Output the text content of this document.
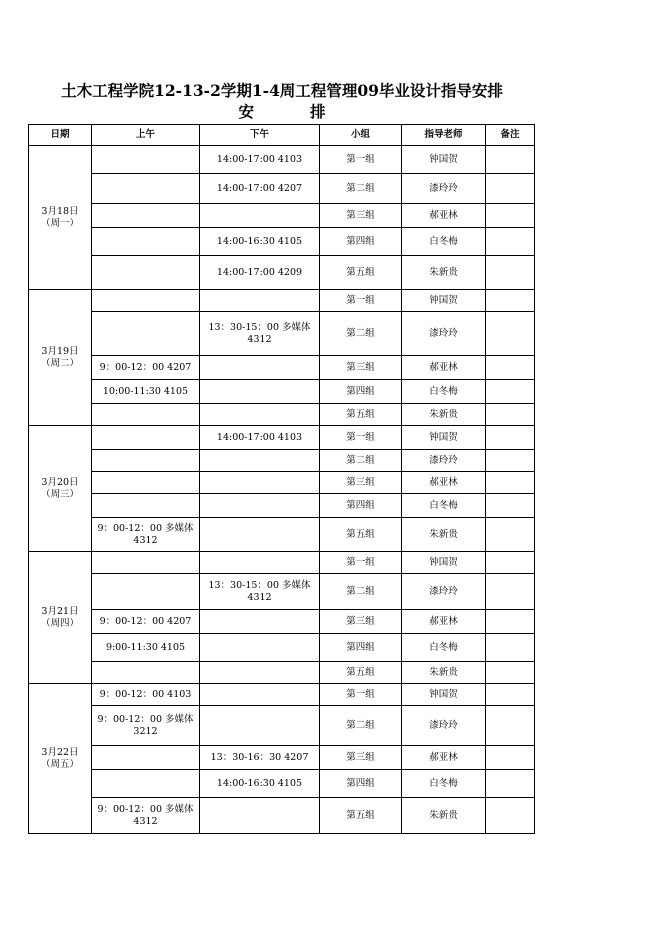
土木工程学院12-13-2学期1-4周工程管理09毕业设计指导安排
安排
日期	上午	下午	小组	指导老师	备注

3月18日
（周一）		14:00-17:00 4103	第一组	钟国贺	
		14:00-17:00 4207	第二组	漆玲玲	
			第三组	郝亚林	
		14:00-16:30 4105	第四组	白冬梅	
		14:00-17:00 4209	第五组	朱新贵	

3月19日
（周二）			第一组	钟国贺	
		13：30-15：00 多媒体4312	第二组	漆玲玲	
	9：00-12：00 4207		第三组	郝亚林	
	10:00-11:30 4105		第四组	白冬梅	
			第五组	朱新贵	

3月20日
（周三）		14:00-17:00 4103	第一组	钟国贺	
			第二组	漆玲玲	
			第三组	郝亚林	
			第四组	白冬梅	
	9：00-12：00 多媒体 4312		第五组	朱新贵	

3月21日
（周四）			第一组	钟国贺	
		13：30-15：00 多媒体4312	第二组	漆玲玲	
	9：00-12：00 4207		第三组	郝亚林	
	9:00-11:30 4105		第四组	白冬梅	
			第五组	朱新贵	

3月22日
（周五）	9：00-12：00 4103		第一组	钟国贺	
	9：00-12：00 多媒体 3212		第二组	漆玲玲	
		13：30-16：30 4207	第三组	郝亚林	
		14:00-16:30 4105	第四组	白冬梅	
	9：00-12：00 多媒体 4312		第五组	朱新贵	
